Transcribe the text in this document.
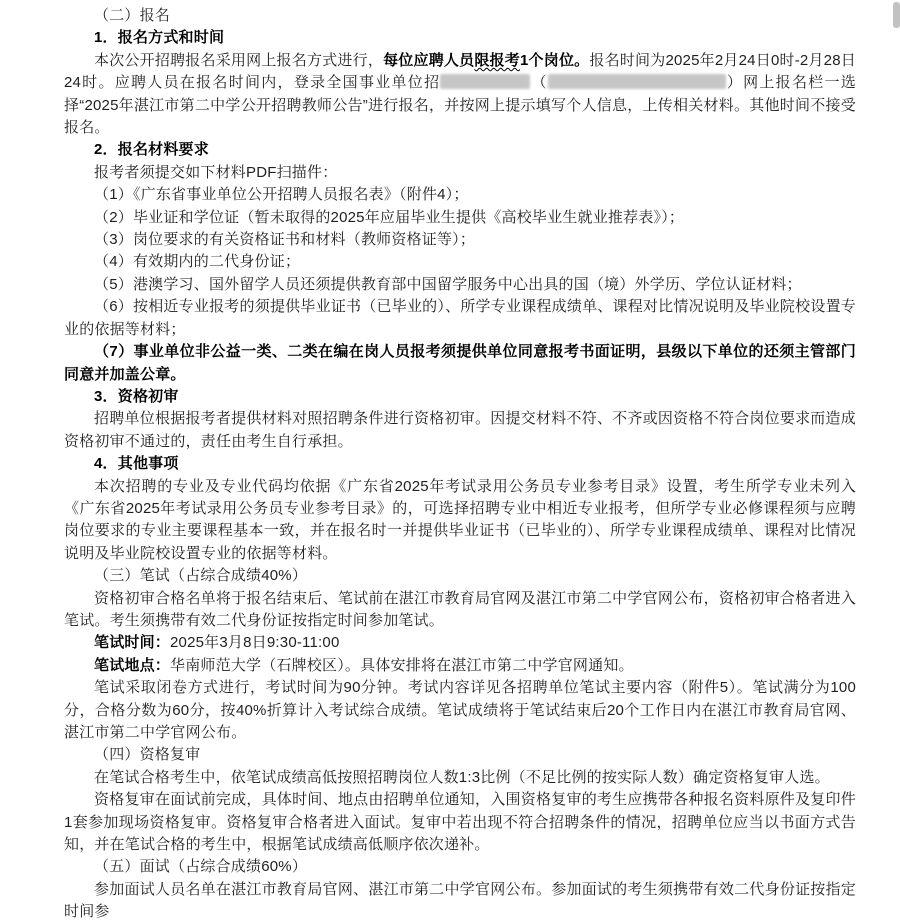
（二）报名

1．报名方式和时间

本次公开招聘报名采用网上报名方式进行，每位应聘人员限报考1个岗位。报名时间为2025年2月24日0时-2月28日24时。应聘人员在报名时间内，登录全国事业单位招	（	）网上报名栏一选择“2025年湛江市第二中学公开招聘教师公告”进行报名，并按网上提示填写个人信息，上传相关材料。其他时间不接受报名。

2．报名材料要求

报考者须提交如下材料PDF扫描件：

（1）《广东省事业单位公开招聘人员报名表》（附件4）；

（2）毕业证和学位证（暂未取得的2025年应届毕业生提供《高校毕业生就业推荐表》）；

（3）岗位要求的有关资格证书和材料（教师资格证等）；

（4）有效期内的二代身份证；

（5）港澳学习、国外留学人员还须提供教育部中国留学服务中心出具的国（境）外学历、学位认证材料；

（6）按相近专业报考的须提供毕业证书（已毕业的）、所学专业课程成绩单、课程对比情况说明及毕业院校设置专业的依据等材料；

（7）事业单位非公益一类、二类在编在岗人员报考须提供单位同意报考书面证明，县级以下单位的还须主管部门同意并加盖公章。

3．资格初审

招聘单位根据报考者提供材料对照招聘条件进行资格初审。因提交材料不符、不齐或因资格不符合岗位要求而造成资格初审不通过的，责任由考生自行承担。

4．其他事项

本次招聘的专业及专业代码均依据《广东省2025年考试录用公务员专业参考目录》设置，考生所学专业未列入《广东省2025年考试录用公务员专业参考目录》的，可选择招聘专业中相近专业报考，但所学专业必修课程须与应聘岗位要求的专业主要课程基本一致，并在报名时一并提供毕业证书（已毕业的）、所学专业课程成绩单、课程对比情况说明及毕业院校设置专业的依据等材料。

（三）笔试（占综合成绩40%）

资格初审合格名单将于报名结束后、笔试前在湛江市教育局官网及湛江市第二中学官网公布，资格初审合格者进入笔试。考生须携带有效二代身份证按指定时间参加笔试。

笔试时间：2025年3月8日9:30-11:00

笔试地点：华南师范大学（石牌校区）。具体安排将在湛江市第二中学官网通知。

笔试采取闭卷方式进行，考试时间为90分钟。考试内容详见各招聘单位笔试主要内容（附件5）。笔试满分为100分，合格分数为60分，按40%折算计入考试综合成绩。笔试成绩将于笔试结束后20个工作日内在湛江市教育局官网、湛江市第二中学官网公布。

（四）资格复审

在笔试合格考生中，依笔试成绩高低按照招聘岗位人数1:3比例（不足比例的按实际人数）确定资格复审人选。

资格复审在面试前完成，具体时间、地点由招聘单位通知，入围资格复审的考生应携带各种报名资料原件及复印件1套参加现场资格复审。资格复审合格者进入面试。复审中若出现不符合招聘条件的情况，招聘单位应当以书面方式告知，并在笔试合格的考生中，根据笔试成绩高低顺序依次递补。

（五）面试（占综合成绩60%）

参加面试人员名单在湛江市教育局官网、湛江市第二中学官网公布。参加面试的考生须携带有效二代身份证按指定时间参
